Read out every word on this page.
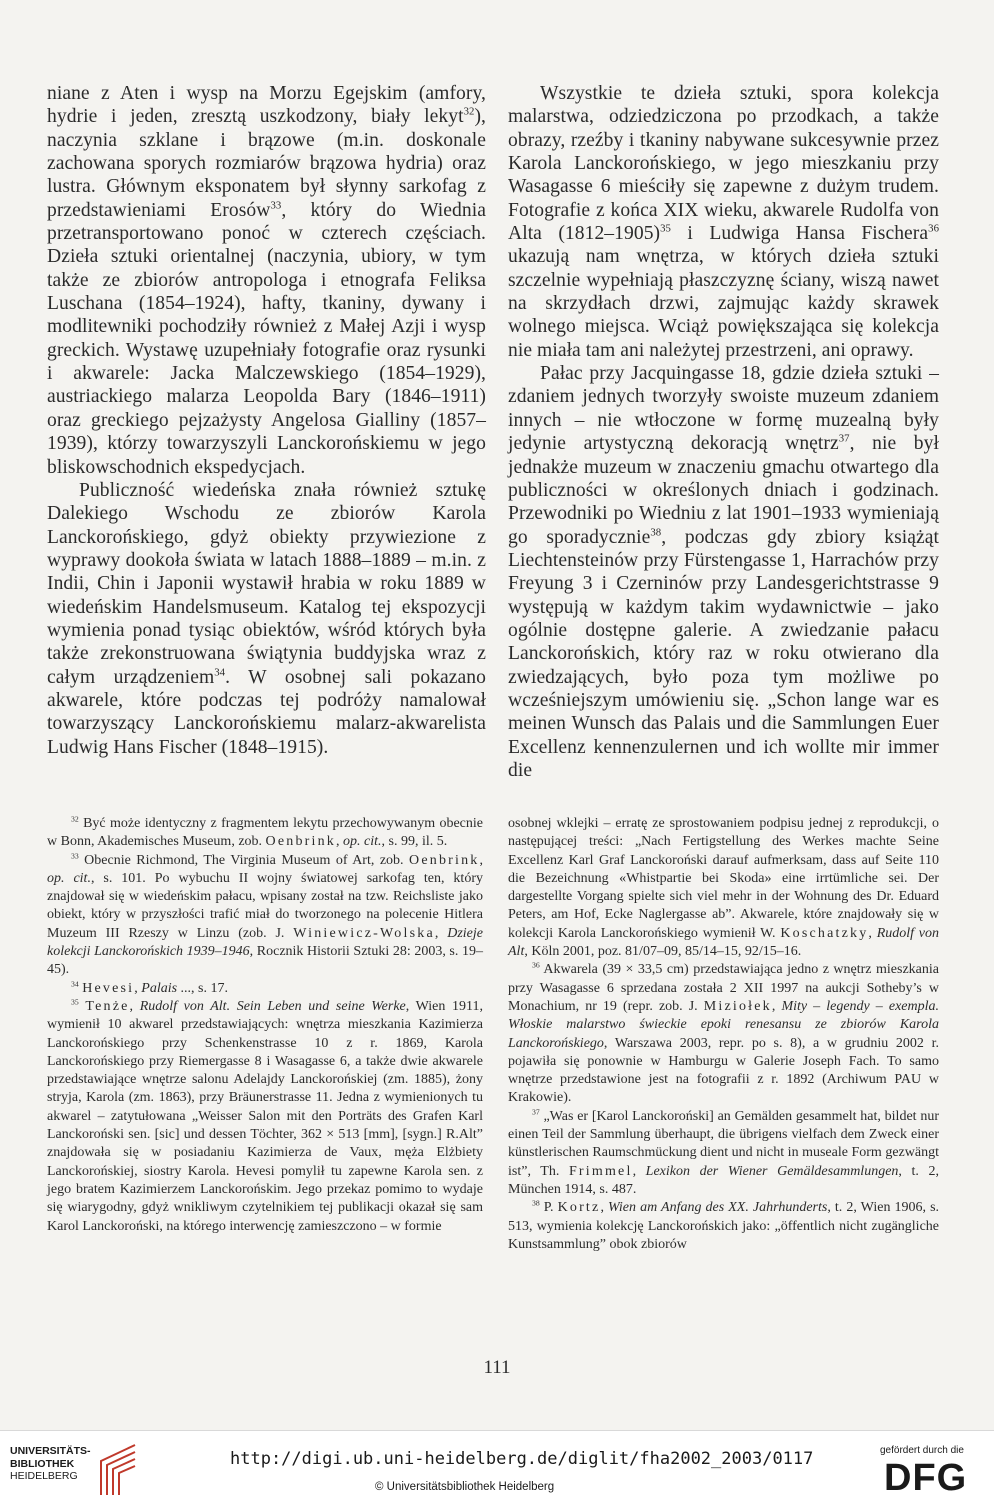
niane z Aten i wysp na Morzu Egejskim (amfory, hydrie i jeden, zresztą uszkodzony, biały lekyt$^{32}$), naczynia szklane i brązowe (m.in. doskonale zachowana sporych rozmiarów brązowa hydria) oraz lustra. Głównym eksponatem był słynny sarkofag z przedstawieniami Erosów$^{33}$, który do Wiednia przetransportowano ponoć w czterech częściach. Dzieła sztuki orientalnej (naczynia, ubiory, w tym także ze zbiorów antropologa i etnografa Feliksa Luschana (1854–1924), hafty, tkaniny, dywany i modlitewniki pochodziły również z Małej Azji i wysp greckich. Wystawę uzupełniały fotografie oraz rysunki i akwarele: Jacka Malczewskiego (1854–1929), austriackiego malarza Leopolda Bary (1846–1911) oraz greckiego pejzażysty Angelosa Gialliny (1857–1939), którzy towarzyszyli Lanckorońskiemu w jego bliskowschodnich ekspedycjach.

Publiczność wiedeńska znała również sztukę Dalekiego Wschodu ze zbiorów Karola Lanckorońskiego, gdyż obiekty przywiezione z wyprawy dookoła świata w latach 1888–1889 – m.in. z Indii, Chin i Japonii wystawił hrabia w roku 1889 w wiedeńskim Handelsmuseum. Katalog tej ekspozycji wymienia ponad tysiąc obiektów, wśród których była także zrekonstruowana świątynia buddyjska wraz z całym urządzeniem$^{34}$. W osobnej sali pokazano akwarele, które podczas tej podróży namalował towarzyszący Lanckorońskiemu malarz-akwarelista Ludwig Hans Fischer (1848–1915).

Wszystkie te dzieła sztuki, spora kolekcja malarstwa, odziedziczona po przodkach, a także obrazy, rzeźby i tkaniny nabywane sukcesywnie przez Karola Lanckorońskiego, w jego mieszkaniu przy Wasagasse 6 mieściły się zapewne z dużym trudem. Fotografie z końca XIX wieku, akwarele Rudolfa von Alta (1812–1905)$^{35}$ i Ludwiga Hansa Fischera$^{36}$ ukazują nam wnętrza, w których dzieła sztuki szczelnie wypełniają płaszczyznę ściany, wiszą nawet na skrzydłach drzwi, zajmując każdy skrawek wolnego miejsca. Wciąż powiększająca się kolekcja nie miała tam ani należytej przestrzeni, ani oprawy.

Pałac przy Jacquingasse 18, gdzie dzieła sztuki – zdaniem jednych tworzyły swoiste muzeum zdaniem innych – nie wtłoczone w formę muzealną były jedynie artystyczną dekoracją wnętrz$^{37}$, nie był jednakże muzeum w znaczeniu gmachu otwartego dla publiczności w określonych dniach i godzinach. Przewodniki po Wiedniu z lat 1901–1933 wymieniają go sporadycznie$^{38}$, podczas gdy zbiory książąt Liechtensteinów przy Fürstengasse 1, Harrachów przy Freyung 3 i Czerninów przy Landesgerichtstrasse 9 występują w każdym takim wydawnictwie – jako ogólnie dostępne galerie. A zwiedzanie pałacu Lanckorońskich, który raz w roku otwierano dla zwiedzających, było poza tym możliwe po wcześniejszym umówieniu się. „Schon lange war es meinen Wunsch das Palais und die Sammlungen Euer Excellenz kennenzulernen und ich wollte mir immer die

$^{32}$ Być może identyczny z fragmentem lekytu przechowywanym obecnie w Bonn, Akademisches Museum, zob. Oenbrink, op. cit., s. 99, il. 5.

$^{33}$ Obecnie Richmond, The Virginia Museum of Art, zob. Oenbrink, op. cit., s. 101. Po wybuchu II wojny światowej sarkofag ten, który znajdował się w wiedeńskim pałacu, wpisany został na tzw. Reichsliste jako obiekt, który w przyszłości trafić miał do tworzonego na polecenie Hitlera Muzeum III Rzeszy w Linzu (zob. J. Winiewicz-Wolska, Dzieje kolekcji Lanckorońskich 1939–1946, Rocznik Historii Sztuki 28: 2003, s. 19–45).

$^{34}$ Hevesi, Palais ..., s. 17.

$^{35}$ Tenże, Rudolf von Alt. Sein Leben und seine Werke, Wien 1911, wymienił 10 akwarel przedstawiających: wnętrza mieszkania Kazimierza Lanckorońskiego przy Schenkenstrasse 10 z r. 1869, Karola Lanckorońskiego przy Riemergasse 8 i Wasagasse 6, a także dwie akwarele przedstawiające wnętrze salonu Adelajdy Lanckorońskiej (zm. 1885), żony stryja, Karola (zm. 1863), przy Bräunerstrasse 11. Jedna z wymienionych tu akwarel – zatytułowana „Weisser Salon mit den Porträts des Grafen Karl Lanckoroński sen. [sic] und dessen Töchter, 362 × 513 [mm], [sygn.] R.Alt” znajdowała się w posiadaniu Kazimierza de Vaux, męża Elżbiety Lanckorońskiej, siostry Karola. Hevesi pomylił tu zapewne Karola sen. z jego bratem Kazimierzem Lanckorońskim. Jego przekaz pomimo to wydaje się wiarygodny, gdyż wnikliwym czytelnikiem tej publikacji okazał się sam Karol Lanckoroński, na którego interwencję zamieszczono – w formie

osobnej wklejki – erratę ze sprostowaniem podpisu jednej z reprodukcji, o następującej treści: „Nach Fertigstellung des Werkes machte Seine Excellenz Karl Graf Lanckoroński darauf aufmerksam, dass auf Seite 110 die Bezeichnung «Whistpartie bei Skoda» eine irrtümliche sei. Der dargestellte Vorgang spielte sich viel mehr in der Wohnung des Dr. Eduard Peters, am Hof, Ecke Naglergasse ab”. Akwarele, które znajdowały się w kolekcji Karola Lanckorońskiego wymienił W. Koschatzky, Rudolf von Alt, Köln 2001, poz. 81/07–09, 85/14–15, 92/15–16.

$^{36}$ Akwarela (39 × 33,5 cm) przedstawiająca jedno z wnętrz mieszkania przy Wasagasse 6 sprzedana została 2 XII 1997 na aukcji Sotheby’s w Monachium, nr 19 (repr. zob. J. Miziołek, Mity – legendy – exempla. Włoskie malarstwo świeckie epoki renesansu ze zbiorów Karola Lanckorońskiego, Warszawa 2003, repr. po s. 8), a w grudniu 2002 r. pojawiła się ponownie w Hamburgu w Galerie Joseph Fach. To samo wnętrze przedstawione jest na fotografii z r. 1892 (Archiwum PAU w Krakowie).

$^{37}$ „Was er [Karol Lanckoroński] an Gemälden gesammelt hat, bildet nur einen Teil der Sammlung überhaupt, die übrigens vielfach dem Zweck einer künstlerischen Raumschmückung dient und nicht in museale Form gezwängt ist”, Th. Frimmel, Lexikon der Wiener Gemäldesammlungen, t. 2, München 1914, s. 487.

$^{38}$ P. Kortz, Wien am Anfang des XX. Jahrhunderts, t. 2, Wien 1906, s. 513, wymienia kolekcję Lanckorońskich jako: „öffentlich nicht zugängliche Kunstsammlung” obok zbiorów

111
UNIVERSITÄTS-
BIBLIOTHEK
HEIDELBERG
http://digi.ub.uni-heidelberg.de/diglit/fha2002_2003/0117
© Universitätsbibliothek Heidelberg
gefördert durch die
DFG
